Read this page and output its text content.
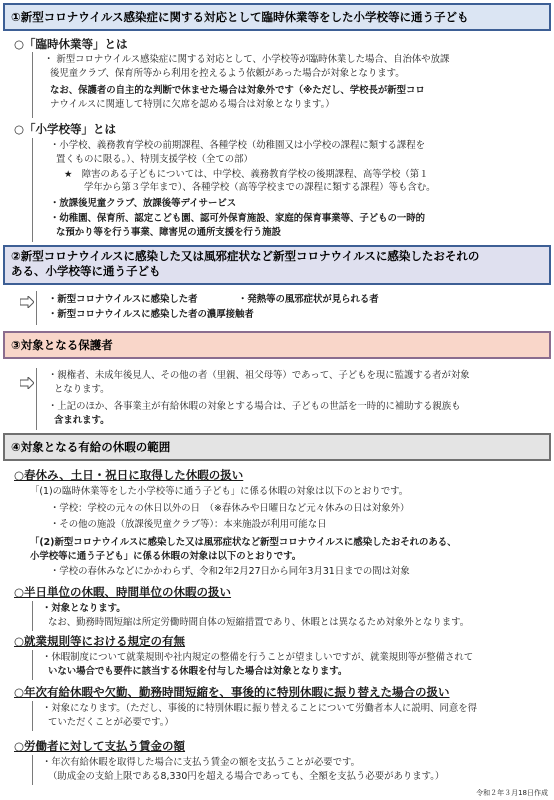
①新型コロナウイルス感染症に関する対応として臨時休業等をした小学校等に通う子ども
○「臨時休業等」とは
・ 新型コロナウイルス感染症に関する対応として、小学校等が臨時休業した場合、自治体や放課
後児童クラブ、保育所等から利用を控えるよう依頼があった場合が対象となります。
なお、保護者の自主的な判断で休ませた場合は対象外です（※ただし、学校長が新型コロ
ナウイルスに関連して特別に欠席を認める場合は対象となります。）
○「小学校等」とは
・小学校、義務教育学校の前期課程、各種学校（幼稚園又は小学校の課程に類する課程を
置くものに限る。）、特別支援学校（全ての部）
★　障害のある子どもについては、中学校、義務教育学校の後期課程、高等学校（第１
学年から第３学年まで）、各種学校（高等学校までの課程に類する課程）等も含む。
・放課後児童クラブ、放課後等デイサービス
・幼稚園、保育所、認定こども園、認可外保育施設、家庭的保育事業等、子どもの一時的
な預かり等を行う事業、障害児の通所支援を行う施設
②新型コロナウイルスに感染した又は風邪症状など新型コロナウイルスに感染したおそれの
ある、小学校等に通う子ども
・新型コロナウイルスに感染した者	・発熱等の風邪症状が見られる者
・新型コロナウイルスに感染した者の濃厚接触者
③対象となる保護者
・親権者、未成年後見人、その他の者（里親、祖父母等）であって、子どもを現に監護する者が対象
となります。
・上記のほか、各事業主が有給休暇の対象とする場合は、子どもの世話を一時的に補助する親族も
含まれます。
④対象となる有給の休暇の範囲
○春休み、土日・祝日に取得した休暇の扱い
「(1)の臨時休業等をした小学校等に通う子ども」に係る休暇の対象は以下のとおりです。
・学校：学校の元々の休日以外の日　（※春休みや日曜日など元々休みの日は対象外）
・その他の施設（放課後児童クラブ等）：本来施設が利用可能な日
「(2)新型コロナウイルスに感染した又は風邪症状など新型コロナウイルスに感染したおそれのある、
小学校等に通う子ども」に係る休暇の対象は以下のとおりです。
・学校の春休みなどにかかわらず、令和2年2月27日から同年3月31日までの間は対象
○半日単位の休暇、時間単位の休暇の扱い
・対象となります。
なお、勤務時間短縮は所定労働時間自体の短縮措置であり、休暇とは異なるため対象外となります。
○就業規則等における規定の有無
・休暇制度について就業規則や社内規定の整備を行うことが望ましいですが、就業規則等が整備されて
いない場合でも要件に該当する休暇を付与した場合は対象となります。
○年次有給休暇や欠勤、勤務時間短縮を、事後的に特別休暇に振り替えた場合の扱い
・対象になります。（ただし、事後的に特別休暇に振り替えることについて労働者本人に説明、同意を得
ていただくことが必要です。）
○労働者に対して支払う賃金の額
・年次有給休暇を取得した場合に支払う賃金の額を支払うことが必要です。
（助成金の支給上限である8,330円を超える場合であっても、全額を支払う必要があります。）
令和２年３月18日作成
